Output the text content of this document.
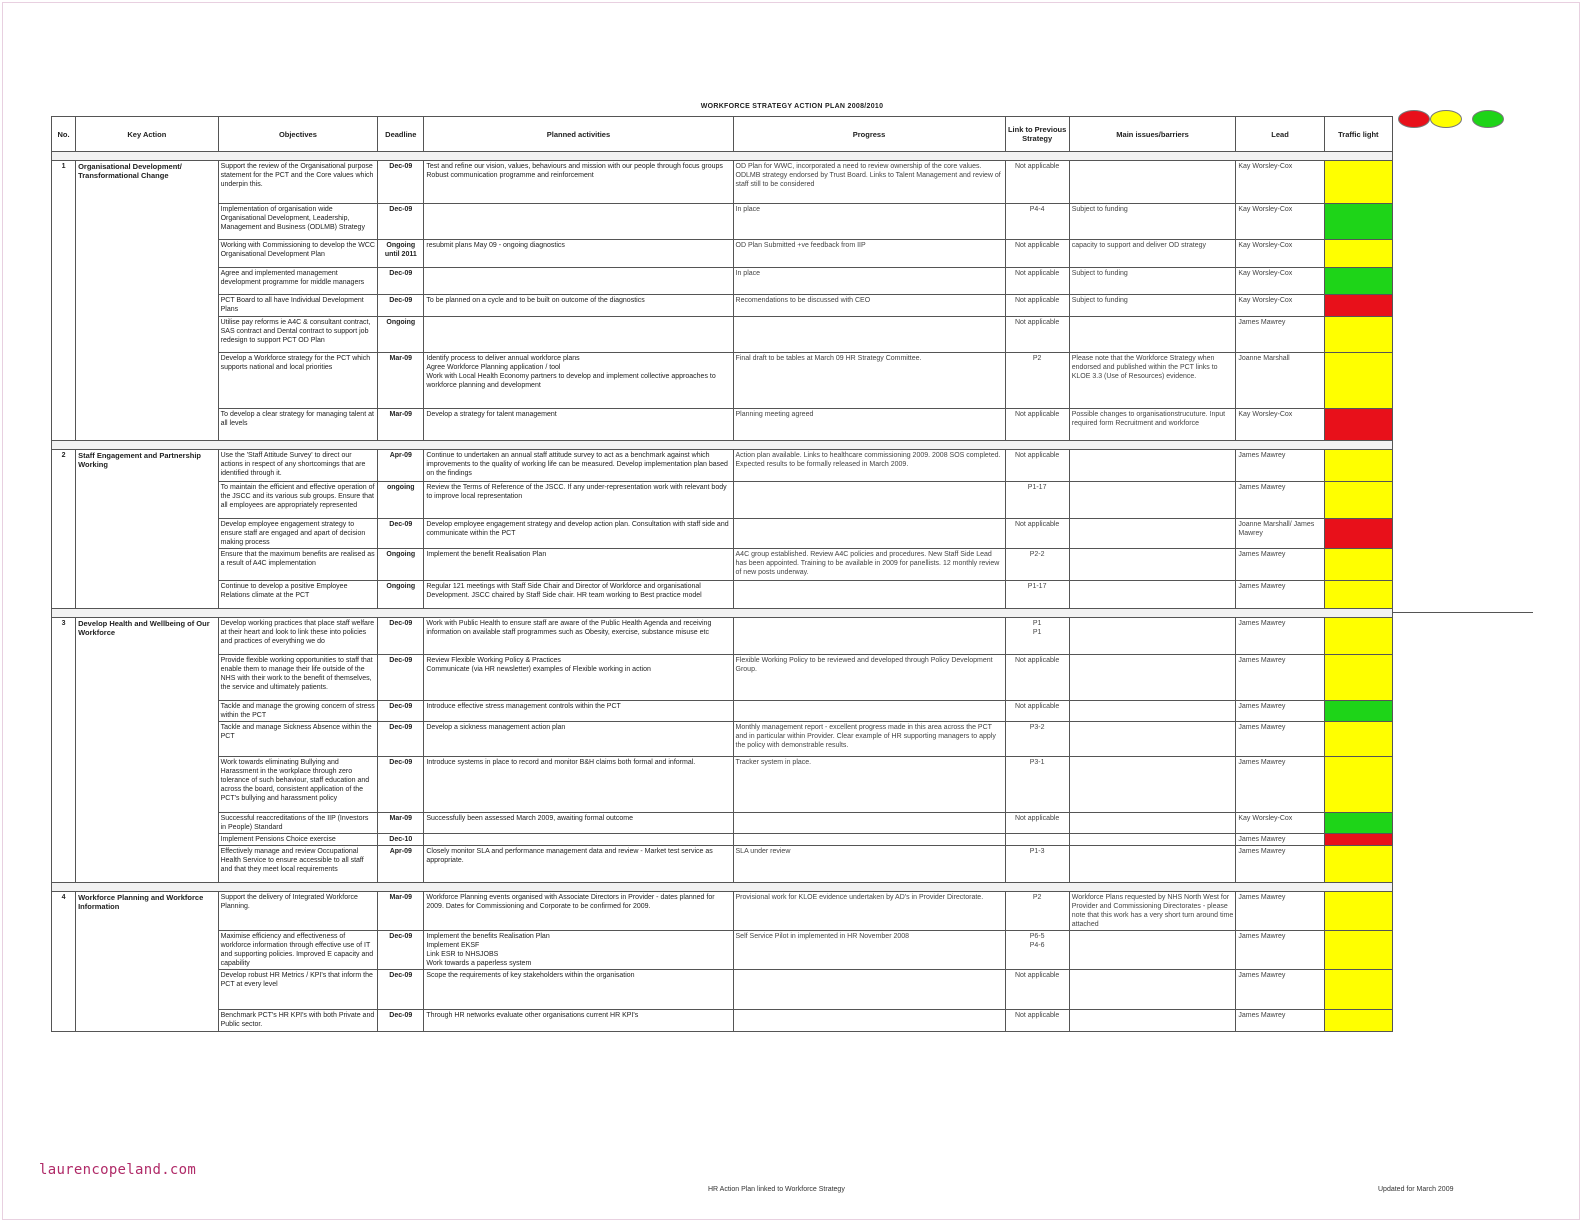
WORKFORCE STRATEGY ACTION PLAN 2008/2010
No.	Key Action	Objectives	Deadline	Planned activities	Progress	Link to Previous Strategy	Main issues/barriers	Lead	Traffic light

1	Organisational Development/ Transformational Change	Support the review of the Organisational purpose statement for the PCT and the Core values which underpin this.	Dec-09	Test and refine our vision, values, behaviours and mission with our people through focus groups
Robust communication programme and reinforcement	OD Plan for WWC, incorporated a need to review ownership of the core values.
ODLMB strategy endorsed by Trust Board. Links to Talent Management and review of staff still to be considered	Not applicable		Kay Worsley-Cox	
		Implementation of organisation wide Organisational Development, Leadership, Management and Business (ODLMB) Strategy	Dec-09		In place	P4-4	Subject to funding	Kay Worsley-Cox	
		Working with Commissioning to develop the WCC Organisational Development Plan	Ongoing until 2011	resubmit plans May 09 - ongoing diagnostics	OD Plan Submitted +ve feedback from IIP	Not applicable	capacity to support and deliver OD strategy	Kay Worsley-Cox	
		Agree and implemented management development programme for middle managers	Dec-09		In place	Not applicable	Subject to funding	Kay Worsley-Cox	
		PCT Board to all have Individual Development Plans	Dec-09	To be planned on a cycle and to be built on outcome of the diagnostics	Recomendations to be discussed with CEO	Not applicable	Subject to funding	Kay Worsley-Cox	
		Utilise pay reforms ie A4C & consultant contract, SAS contract and Dental contract to support job redesign to support PCT OD Plan	Ongoing			Not applicable		James Mawrey	
		Develop a Workforce strategy for the PCT which supports national and local priorities	Mar-09	Identify process to deliver annual workforce plans
Agree Workforce Planning application / tool
Work with Local Health Economy partners to develop and implement collective approaches to workforce planning and development	Final draft to be tables at March 09 HR Strategy Committee.	P2	Please note that the Workforce Strategy when endorsed and published within the PCT links to KLOE 3.3 (Use of Resources) evidence.	Joanne Marshall	
		To develop a clear strategy for managing talent at all levels	Mar-09	Develop a strategy for talent management	Planning meeting agreed	Not applicable	Possible changes to organisationstrucuture. Input required form Recruitment and workforce	Kay Worsley-Cox	

2	Staff Engagement and Partnership Working	Use the 'Staff Attitude Survey' to direct our actions in respect of any shortcomings that are identified through it.	Apr-09	Continue to undertaken an annual staff attitude survey to act as a benchmark against which improvements to the quality of working life can be measured. Develop implementation plan based on the findings	Action plan available. Links to healthcare commissioning 2009. 2008 SOS completed. Expected results to be formally released in March 2009.	Not applicable		James Mawrey	
		To maintain the efficient and effective operation of the JSCC and its various sub groups. Ensure that all employees are appropriately represented	ongoing	Review the Terms of Reference of the JSCC. If any under-representation work with relevant body to improve local representation		P1-17		James Mawrey	
		Develop employee engagement strategy to ensure staff are engaged and apart of decision making process	Dec-09	Develop employee engagement strategy and develop action plan. Consultation with staff side and communicate within the PCT		Not applicable		Joanne Marshall/ James Mawrey	
		Ensure that the maximum benefits are realised as a result of A4C implementation	Ongoing	Implement the benefit Realisation Plan	A4C group established. Review A4C policies and procedures. New Staff Side Lead has been appointed. Training to be available in 2009 for panellists. 12 monthly review of new posts underway.	P2-2		James Mawrey	
		Continue to develop a positive Employee Relations climate at the PCT	Ongoing	Regular 121 meetings with Staff Side Chair and Director of Workforce and organisational Development. JSCC chaired by Staff Side chair. HR team working to Best practice model		P1-17		James Mawrey	

3	Develop Health and Wellbeing of Our Workforce	Develop working practices that place staff welfare at their heart and look to link these into policies and practices of everything we do	Dec-09	Work with Public Health to ensure staff are aware of the Public Health Agenda and receiving information on available staff programmes such as Obesity, exercise, substance misuse etc		P1
P1		James Mawrey	
		Provide flexible working opportunities to staff that enable them to manage their life outside of the NHS with their work to the benefit of themselves, the service and ultimately patients.	Dec-09	Review Flexible Working Policy & Practices
Communicate (via HR newsletter) examples of Flexible working in action	Flexible Working Policy to be reviewed and developed through Policy Development Group.	Not applicable		James Mawrey	
		Tackle and manage the growing concern of stress within the PCT	Dec-09	Introduce effective stress management controls within the PCT		Not applicable		James Mawrey	
		Tackle and manage Sickness Absence within the PCT	Dec-09	Develop a sickness management action plan	Monthly management report - excellent progress made in this area across the PCT and in particular within Provider. Clear example of HR supporting managers to apply the policy with demonstrable results.	P3-2		James Mawrey	
		Work towards eliminating Bullying and Harassment in the workplace through zero tolerance of such behaviour, staff education and across the board, consistent application of the PCT's bullying and harassment policy	Dec-09	Introduce systems in place to record and monitor B&H claims both formal and informal.	Tracker system in place.	P3-1		James Mawrey	
		Successful reaccreditations of the IIP (Investors in People) Standard	Mar-09	Successfully been assessed March 2009, awaiting formal outcome		Not applicable		Kay Worsley-Cox	
		Implement Pensions Choice exercise	Dec-10					James Mawrey	
		Effectively manage and review Occupational Health Service to ensure accessible to all staff and that they meet local requirements	Apr-09	Closely monitor SLA and performance management data and review - Market test service as appropriate.	SLA under review	P1-3		James Mawrey	

4	Workforce Planning and Workforce Information	Support the delivery of Integrated Workforce Planning.	Mar-09	Workforce Planning events organised with Associate Directors in Provider - dates planned for 2009. Dates for Commissioning and Corporate to be confirmed for 2009.	Provisional work for KLOE evidence undertaken by AD's in Provider Directorate.	P2	Workforce Plans requested by NHS North West for Provider and Commissioning Directorates - please note that this work has a very short turn around time attached	James Mawrey	
		Maximise efficiency and effectiveness of workforce information through effective use of IT and supporting policies. Improved E capacity and capability	Dec-09	Implement the benefits Realisation Plan
Implement EKSF
Link ESR to NHSJOBS
Work towards a paperless system	Self Service Pilot in implemented in HR November 2008	P6-5
P4-6		James Mawrey	
		Develop robust HR Metrics / KPI's that inform the PCT at every level	Dec-09	Scope the requirements of key stakeholders within the organisation		Not applicable		James Mawrey	
		Benchmark PCT's HR KPI's with both Private and Public sector.	Dec-09	Through HR networks evaluate other organisations current HR KPI's		Not applicable		James Mawrey	
laurencopeland.com
HR Action Plan linked to Workforce Strategy	Updated for March 2009
